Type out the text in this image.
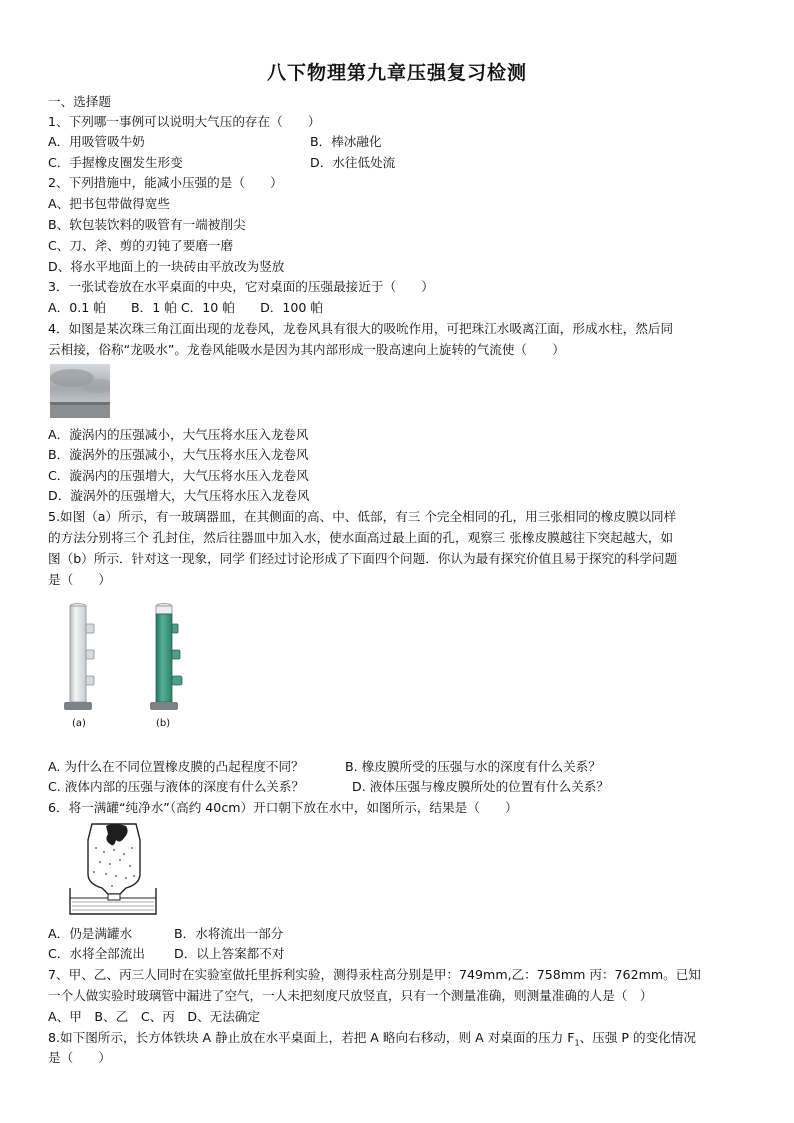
八下物理第九章压强复习检测
一、选择题
1、下列哪一事例可以说明大气压的存在（　　）
A．用吸管吸牛奶	B．棒冰融化
C．手握橡皮圈发生形变	D．水往低处流
2、下列措施中，能减小压强的是（　　）
A、把书包带做得宽些
B、软包装饮料的吸管有一端被削尖
C、刀、斧、剪的刃钝了要磨一磨
D、将水平地面上的一块砖由平放改为竖放
3．一张试卷放在水平桌面的中央，它对桌面的压强最接近于（　　）
A．0.1 帕　　B．1 帕 C．10 帕　　D．100 帕
4．如图是某次珠三角江面出现的龙卷风，龙卷风具有很大的吸吮作用，可把珠江水吸离江面，形成水柱，然后同
云相接，俗称“龙吸水”。龙卷风能吸水是因为其内部形成一股高速向上旋转的气流使（　　）
A．漩涡内的压强减小，大气压将水压入龙卷风
B．漩涡外的压强减小，大气压将水压入龙卷风
C．漩涡内的压强增大，大气压将水压入龙卷风
D．漩涡外的压强增大，大气压将水压入龙卷风
5.如图（a）所示，有一玻璃器皿，在其侧面的高、中、低部，有三 个完全相同的孔，用三张相同的橡皮膜以同样
的方法分别将三个 孔封住，然后往器皿中加入水，使水面高过最上面的孔，观察三 张橡皮膜越往下突起越大，如
图（b）所示．针对这一现象，同学 们经过讨论形成了下面四个问题．你认为最有探究价值且易于探究的科学问题
是（　　）
(a)	(b)
A. 为什么在不同位置橡皮膜的凸起程度不同？	B. 橡皮膜所受的压强与水的深度有什么关系？
C. 液体内部的压强与液体的深度有什么关系？	D. 液体压强与橡皮膜所处的位置有什么关系？
6．将一满罐“纯净水”（高约 40cm）开口朝下放在水中，如图所示，结果是（　　）
A．仍是满罐水	B．水将流出一部分
C．水将全部流出 D．以上答案都不对
7、甲、乙、丙三人同时在实验室做托里拆利实验，测得汞柱高分别是甲：749mm,乙：758mm 丙：762mm。已知
一个人做实验时玻璃管中漏进了空气，一人未把刻度尺放竖直，只有一个测量准确，则测量准确的人是（　）
A、甲　B、乙　C、丙　D、无法确定
8.如下图所示，长方体铁块 A 静止放在水平桌面上，若把 A 略向右移动，则 A 对桌面的压力 $F_1$、压强 P 的变化情况
是（　　）
